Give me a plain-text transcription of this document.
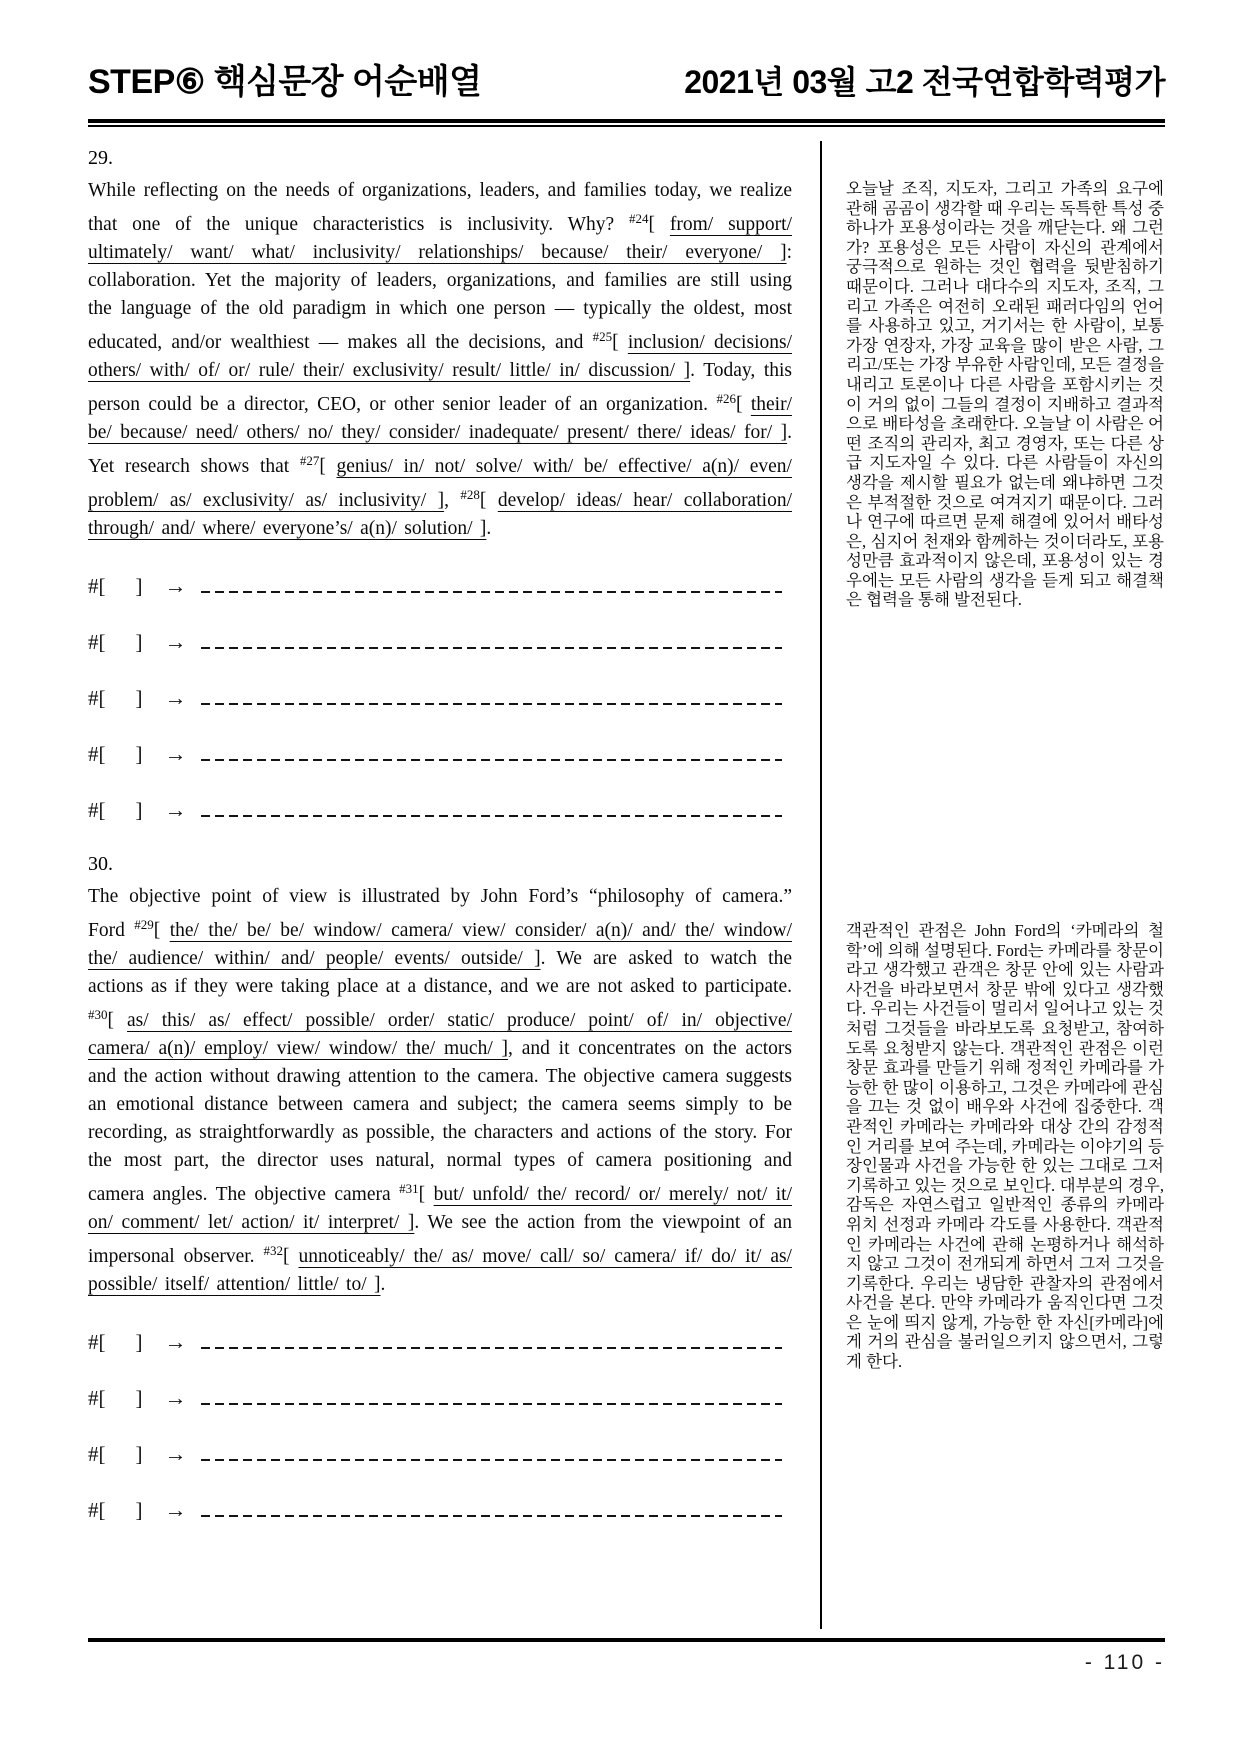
STEP⑥ 핵심문장 어순배열	2021년 03월 고2 전국연합학력평가
29.
While reflecting on the needs of organizations, leaders, and families today, we realize that one of the unique characteristics is inclusivity. Why? $^{\#24}$[ from/ support/ ultimately/ want/ what/ inclusivity/ relationships/ because/ their/ everyone/ ]: collaboration. Yet the majority of leaders, organizations, and families are still using the language of the old paradigm in which one person — typically the oldest, most educated, and/or wealthiest — makes all the decisions, and $^{\#25}$[ inclusion/ decisions/ others/ with/ of/ or/ rule/ their/ exclusivity/ result/ little/ in/ discussion/ ]. Today, this person could be a director, CEO, or other senior leader of an organization. $^{\#26}$[ their/ be/ because/ need/ others/ no/ they/ consider/ inadequate/ present/ there/ ideas/ for/ ]. Yet research shows that $^{\#27}$[ genius/ in/ not/ solve/ with/ be/ effective/ a(n)/ even/ problem/ as/ exclusivity/ as/ inclusivity/ ], $^{\#28}$[ develop/ ideas/ hear/ collaboration/ through/ and/ where/ everyone’s/ a(n)/ solution/ ].
#[ ] →
#[ ] →
#[ ] →
#[ ] →
#[ ] →
30.
The objective point of view is illustrated by John Ford’s “philosophy of camera.” Ford $^{\#29}$[ the/ the/ be/ be/ window/ camera/ view/ consider/ a(n)/ and/ the/ window/ the/ audience/ within/ and/ people/ events/ outside/ ]. We are asked to watch the actions as if they were taking place at a distance, and we are not asked to participate. $^{\#30}$[ as/ this/ as/ effect/ possible/ order/ static/ produce/ point/ of/ in/ objective/ camera/ a(n)/ employ/ view/ window/ the/ much/ ], and it concentrates on the actors and the action without drawing attention to the camera. The objective camera suggests an emotional distance between camera and subject; the camera seems simply to be recording, as straightforwardly as possible, the characters and actions of the story. For the most part, the director uses natural, normal types of camera positioning and camera angles. The objective camera $^{\#31}$[ but/ unfold/ the/ record/ or/ merely/ not/ it/ on/ comment/ let/ action/ it/ interpret/ ]. We see the action from the viewpoint of an impersonal observer. $^{\#32}$[ unnoticeably/ the/ as/ move/ call/ so/ camera/ if/ do/ it/ as/ possible/ itself/ attention/ little/ to/ ].
#[ ] →
#[ ] →
#[ ] →
#[ ] →
오늘날 조직, 지도자, 그리고 가족의 요구에 관해 곰곰이 생각할 때 우리는 독특한 특성 중 하나가 포용성이라는 것을 깨닫는다. 왜 그런가? 포용성은 모든 사람이 자신의 관계에서 궁극적으로 원하는 것인 협력을 뒷받침하기 때문이다. 그러나 대다수의 지도자, 조직, 그리고 가족은 여전히 오래된 패러다임의 언어를 사용하고 있고, 거기서는 한 사람이, 보통 가장 연장자, 가장 교육을 많이 받은 사람, 그리고/또는 가장 부유한 사람인데, 모든 결정을 내리고 토론이나 다른 사람을 포함시키는 것이 거의 없이 그들의 결정이 지배하고 결과적으로 배타성을 초래한다. 오늘날 이 사람은 어떤 조직의 관리자, 최고 경영자, 또는 다른 상급 지도자일 수 있다. 다른 사람들이 자신의 생각을 제시할 필요가 없는데 왜냐하면 그것은 부적절한 것으로 여겨지기 때문이다. 그러나 연구에 따르면 문제 해결에 있어서 배타성은, 심지어 천재와 함께하는 것이더라도, 포용성만큼 효과적이지 않은데, 포용성이 있는 경우에는 모든 사람의 생각을 듣게 되고 해결책은 협력을 통해 발전된다.
객관적인 관점은 John Ford의 ‘카메라의 철학’에 의해 설명된다. Ford는 카메라를 창문이라고 생각했고 관객은 창문 안에 있는 사람과 사건을 바라보면서 창문 밖에 있다고 생각했다. 우리는 사건들이 멀리서 일어나고 있는 것처럼 그것들을 바라보도록 요청받고, 참여하도록 요청받지 않는다. 객관적인 관점은 이런 창문 효과를 만들기 위해 정적인 카메라를 가능한 한 많이 이용하고, 그것은 카메라에 관심을 끄는 것 없이 배우와 사건에 집중한다. 객관적인 카메라는 카메라와 대상 간의 감정적인 거리를 보여 주는데, 카메라는 이야기의 등장인물과 사건을 가능한 한 있는 그대로 그저 기록하고 있는 것으로 보인다. 대부분의 경우, 감독은 자연스럽고 일반적인 종류의 카메라 위치 선정과 카메라 각도를 사용한다. 객관적인 카메라는 사건에 관해 논평하거나 해석하지 않고 그것이 전개되게 하면서 그저 그것을 기록한다. 우리는 냉담한 관찰자의 관점에서 사건을 본다. 만약 카메라가 움직인다면 그것은 눈에 띄지 않게, 가능한 한 자신[카메라]에게 거의 관심을 불러일으키지 않으면서, 그렇게 한다.
- 110 -
